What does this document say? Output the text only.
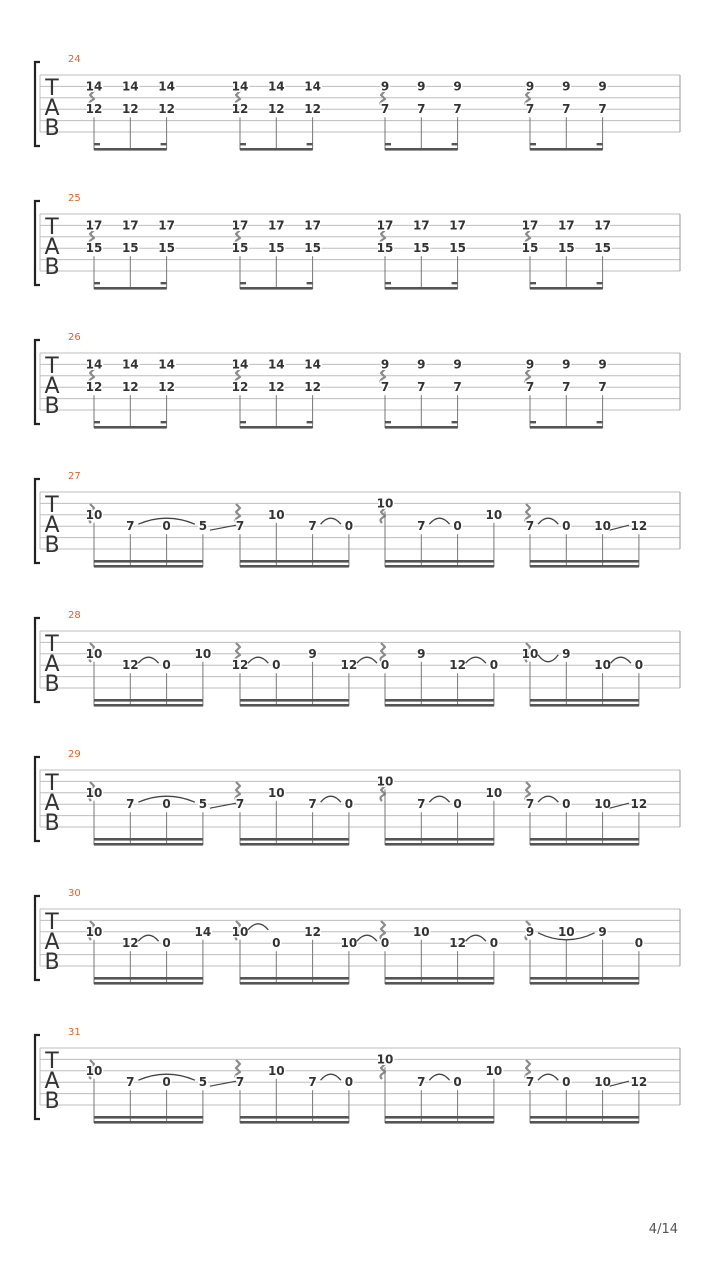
24
T
A
B
14
12
14
12
14
12
14
12
14
12
14
12
9
7
9
7
9
7
9
7
9
7
9
7
25
T
A
B
17
15
17
15
17
15
17
15
17
15
17
15
17
15
17
15
17
15
17
15
17
15
17
15
26
T
A
B
14
12
14
12
14
12
14
12
14
12
14
12
9
7
9
7
9
7
9
7
9
7
9
7
27
T
A
B
10
7 0 5 7
10
7 0
10
7 0
10
7 0 10 12
28
T
A
B
10
12 0
10
12 0
9
12 0
9
12 0
10 9
10 0
29
T
A
B
10
7 0 5 7
10
7 0
10
7 0
10
7 0 10 12
30
T
A
B
10
12 0
14 10
0
12
10 0
10
12 0
9 10 9
0
31
T
A
B
10
7 0 5 7
10
7 0
10
7 0
10
7 0 10 12
4/14
